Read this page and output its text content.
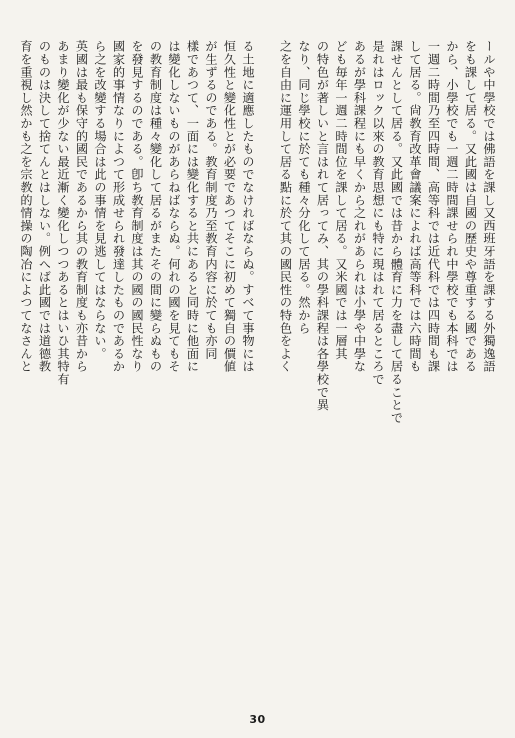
ールや中學校では佛語を課し又西班牙語を課する外獨逸語
をも課して居る。又此國は自國の歷史や尊重する國である
から、小學校でも一週二時間課せられ中學校でも本科では
一週二時間乃至四時間、高等科では近代科では四時間も課
して居る。尙教育改革會議案によれば高等科では六時間も
課せんとして居る。又此國では昔から體育に力を盡して居ることで
是れはロック以來の教育思想にも特に現はれて居るところで
あるが學科課程にも早くから之れがあられは小學や中學な
ども毎年一週二時間位を課して居る。又米國では一層其
の特色が著しいと言はれて居ってみ、其の學科課程は各學校で異
なり、同じ學校に於ても種々分化して居る。然から
之を自由に運用して居る點に於て其の國民性の特色をよく
る土地に適應したものでなければならぬ。すべて事物には
恒久性と變化性とが必要であつてそこに初めて獨自の價値
が生ずるのである。教育制度乃至教育内容に於ても亦同
樣であつて、一面には變化すると共にあると同時に他面に
は變化しないものがあらねばならぬ。何れの國を見てもそ
の教育制度は種々變化して居るがまたその間に變らぬもの
を發見するのである。卽ち教育制度は其の國の國民性なり
國家的事情なりによつて形成せられ發達したものであるか
ら之を改變する場合は此の事情を見逃してはならない。
英國は最も保守的國民であるから其の教育制度も亦昔から
あまり變化が少ない最近漸く變化しつつあるとはいひ其特有
のものは決して捨てんとはしない。例へば此國では道德教
育を重視し然かも之を宗教的情操の陶冶によつてなさんと
30
